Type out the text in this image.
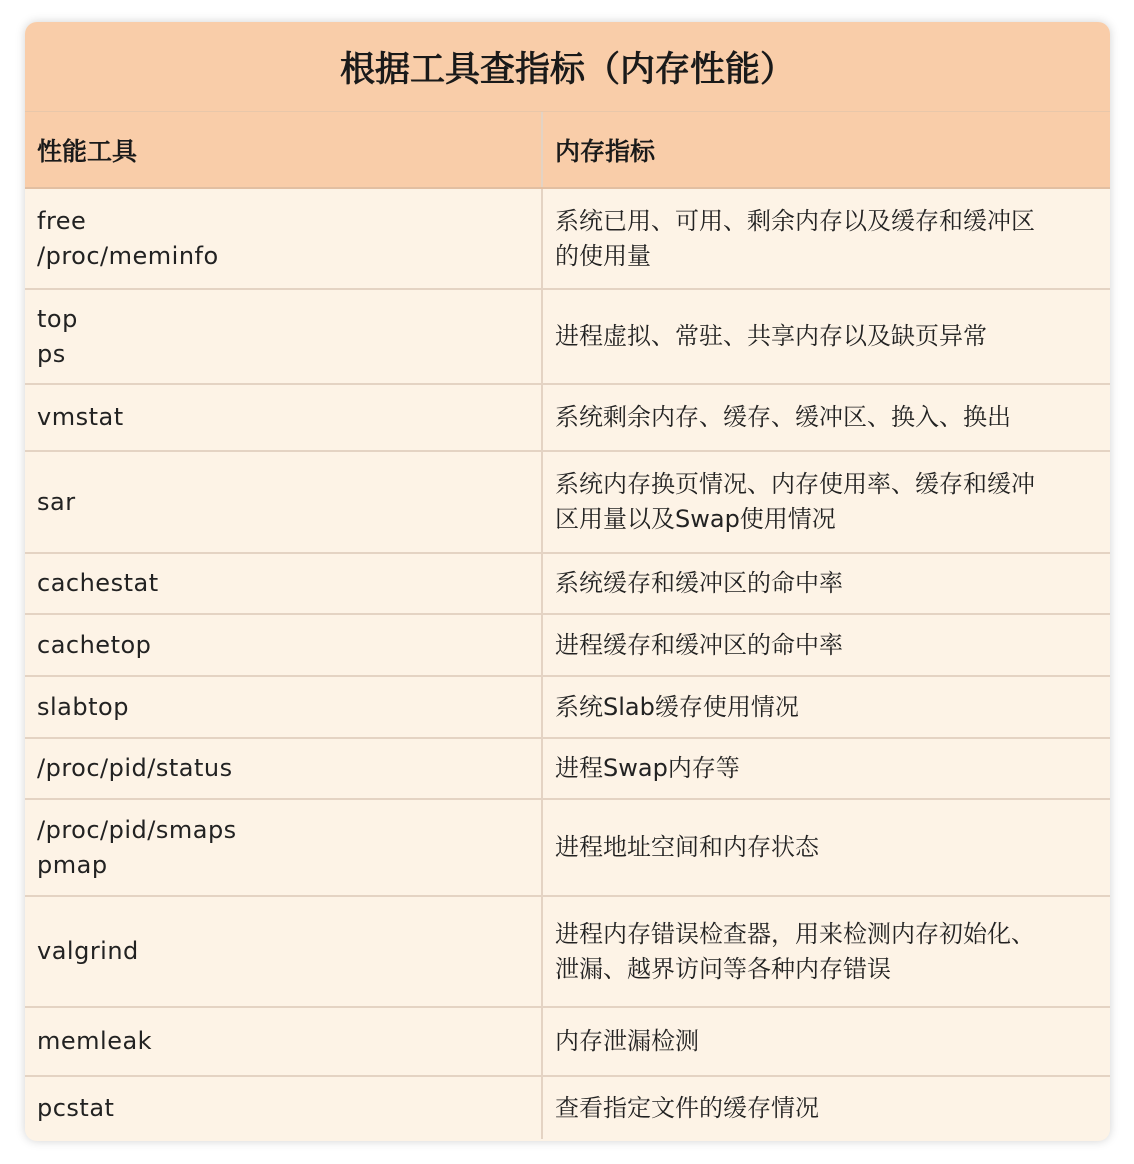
根据工具查指标（内存性能）
性能工具	内存指标

free
/proc/meminfo	系统已用、可用、剩余内存以及缓存和缓冲区
的使用量

top
ps	进程虚拟、常驻、共享内存以及缺页异常

vmstat	系统剩余内存、缓存、缓冲区、换入、换出

sar	系统内存换页情况、内存使用率、缓存和缓冲
区用量以及Swap使用情况

cachestat	系统缓存和缓冲区的命中率

cachetop	进程缓存和缓冲区的命中率

slabtop	系统Slab缓存使用情况

/proc/pid/status	进程Swap内存等

/proc/pid/smaps
pmap	进程地址空间和内存状态

valgrind	进程内存错误检查器，用来检测内存初始化、
泄漏、越界访问等各种内存错误

memleak	内存泄漏检测

pcstat	查看指定文件的缓存情况
